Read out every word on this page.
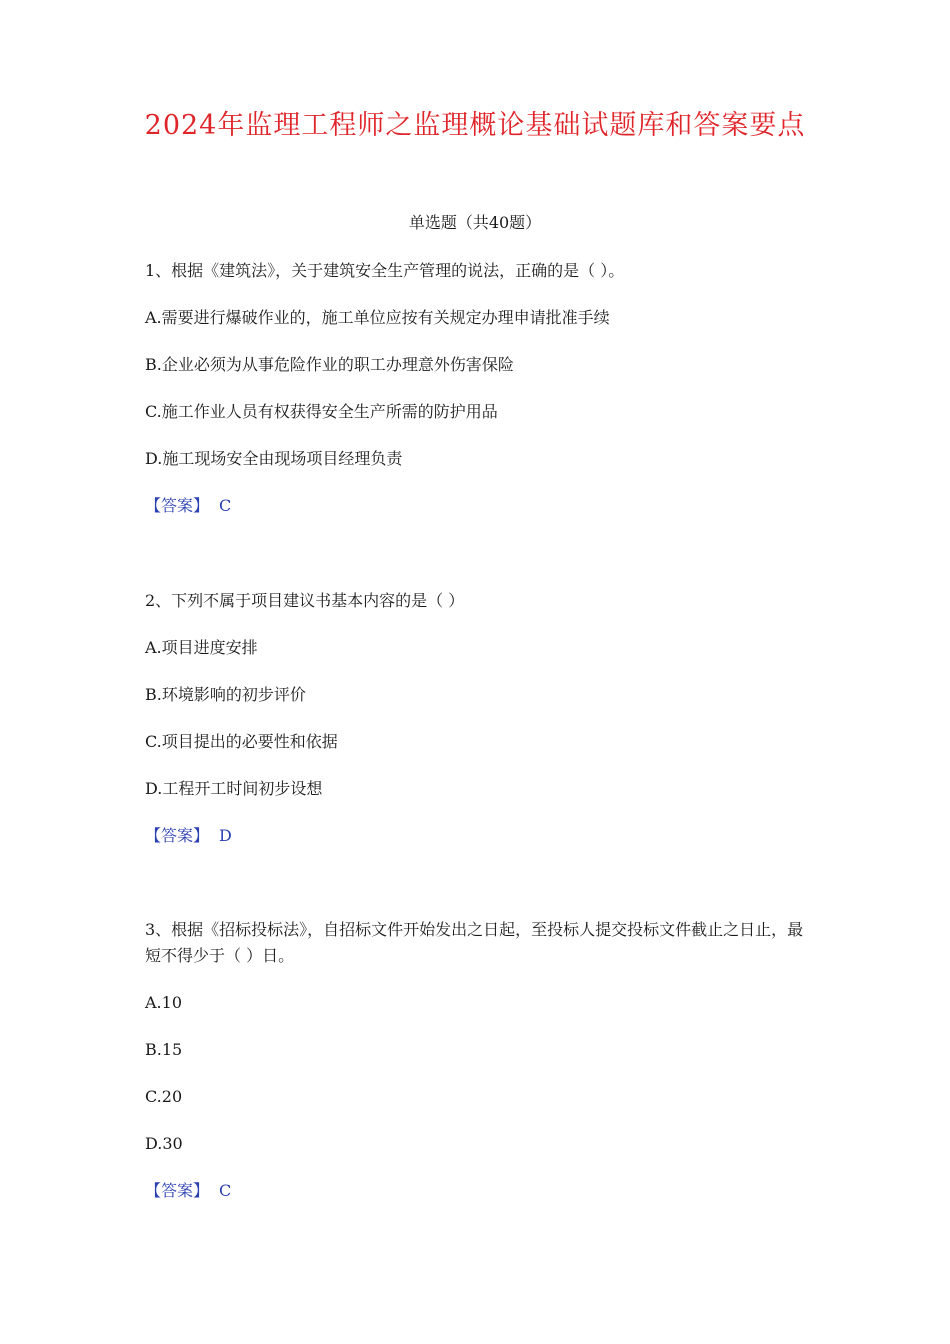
2024年监理工程师之监理概论基础试题库和答案要点
单选题（共40题）
1、根据《建筑法》，关于建筑安全生产管理的说法，正确的是（ ）。
A.需要进行爆破作业的，施工单位应按有关规定办理申请批准手续
B.企业必须为从事危险作业的职工办理意外伤害保险
C.施工作业人员有权获得安全生产所需的防护用品
D.施工现场安全由现场项目经理负责
【答案】 C
2、下列不属于项目建议书基本内容的是（ ）
A.项目进度安排
B.环境影响的初步评价
C.项目提出的必要性和依据
D.工程开工时间初步设想
【答案】 D
3、根据《招标投标法》，自招标文件开始发出之日起，至投标人提交投标文件截止之日止，最短不得少于（ ）日。
A.10
B.15
C.20
D.30
【答案】 C
